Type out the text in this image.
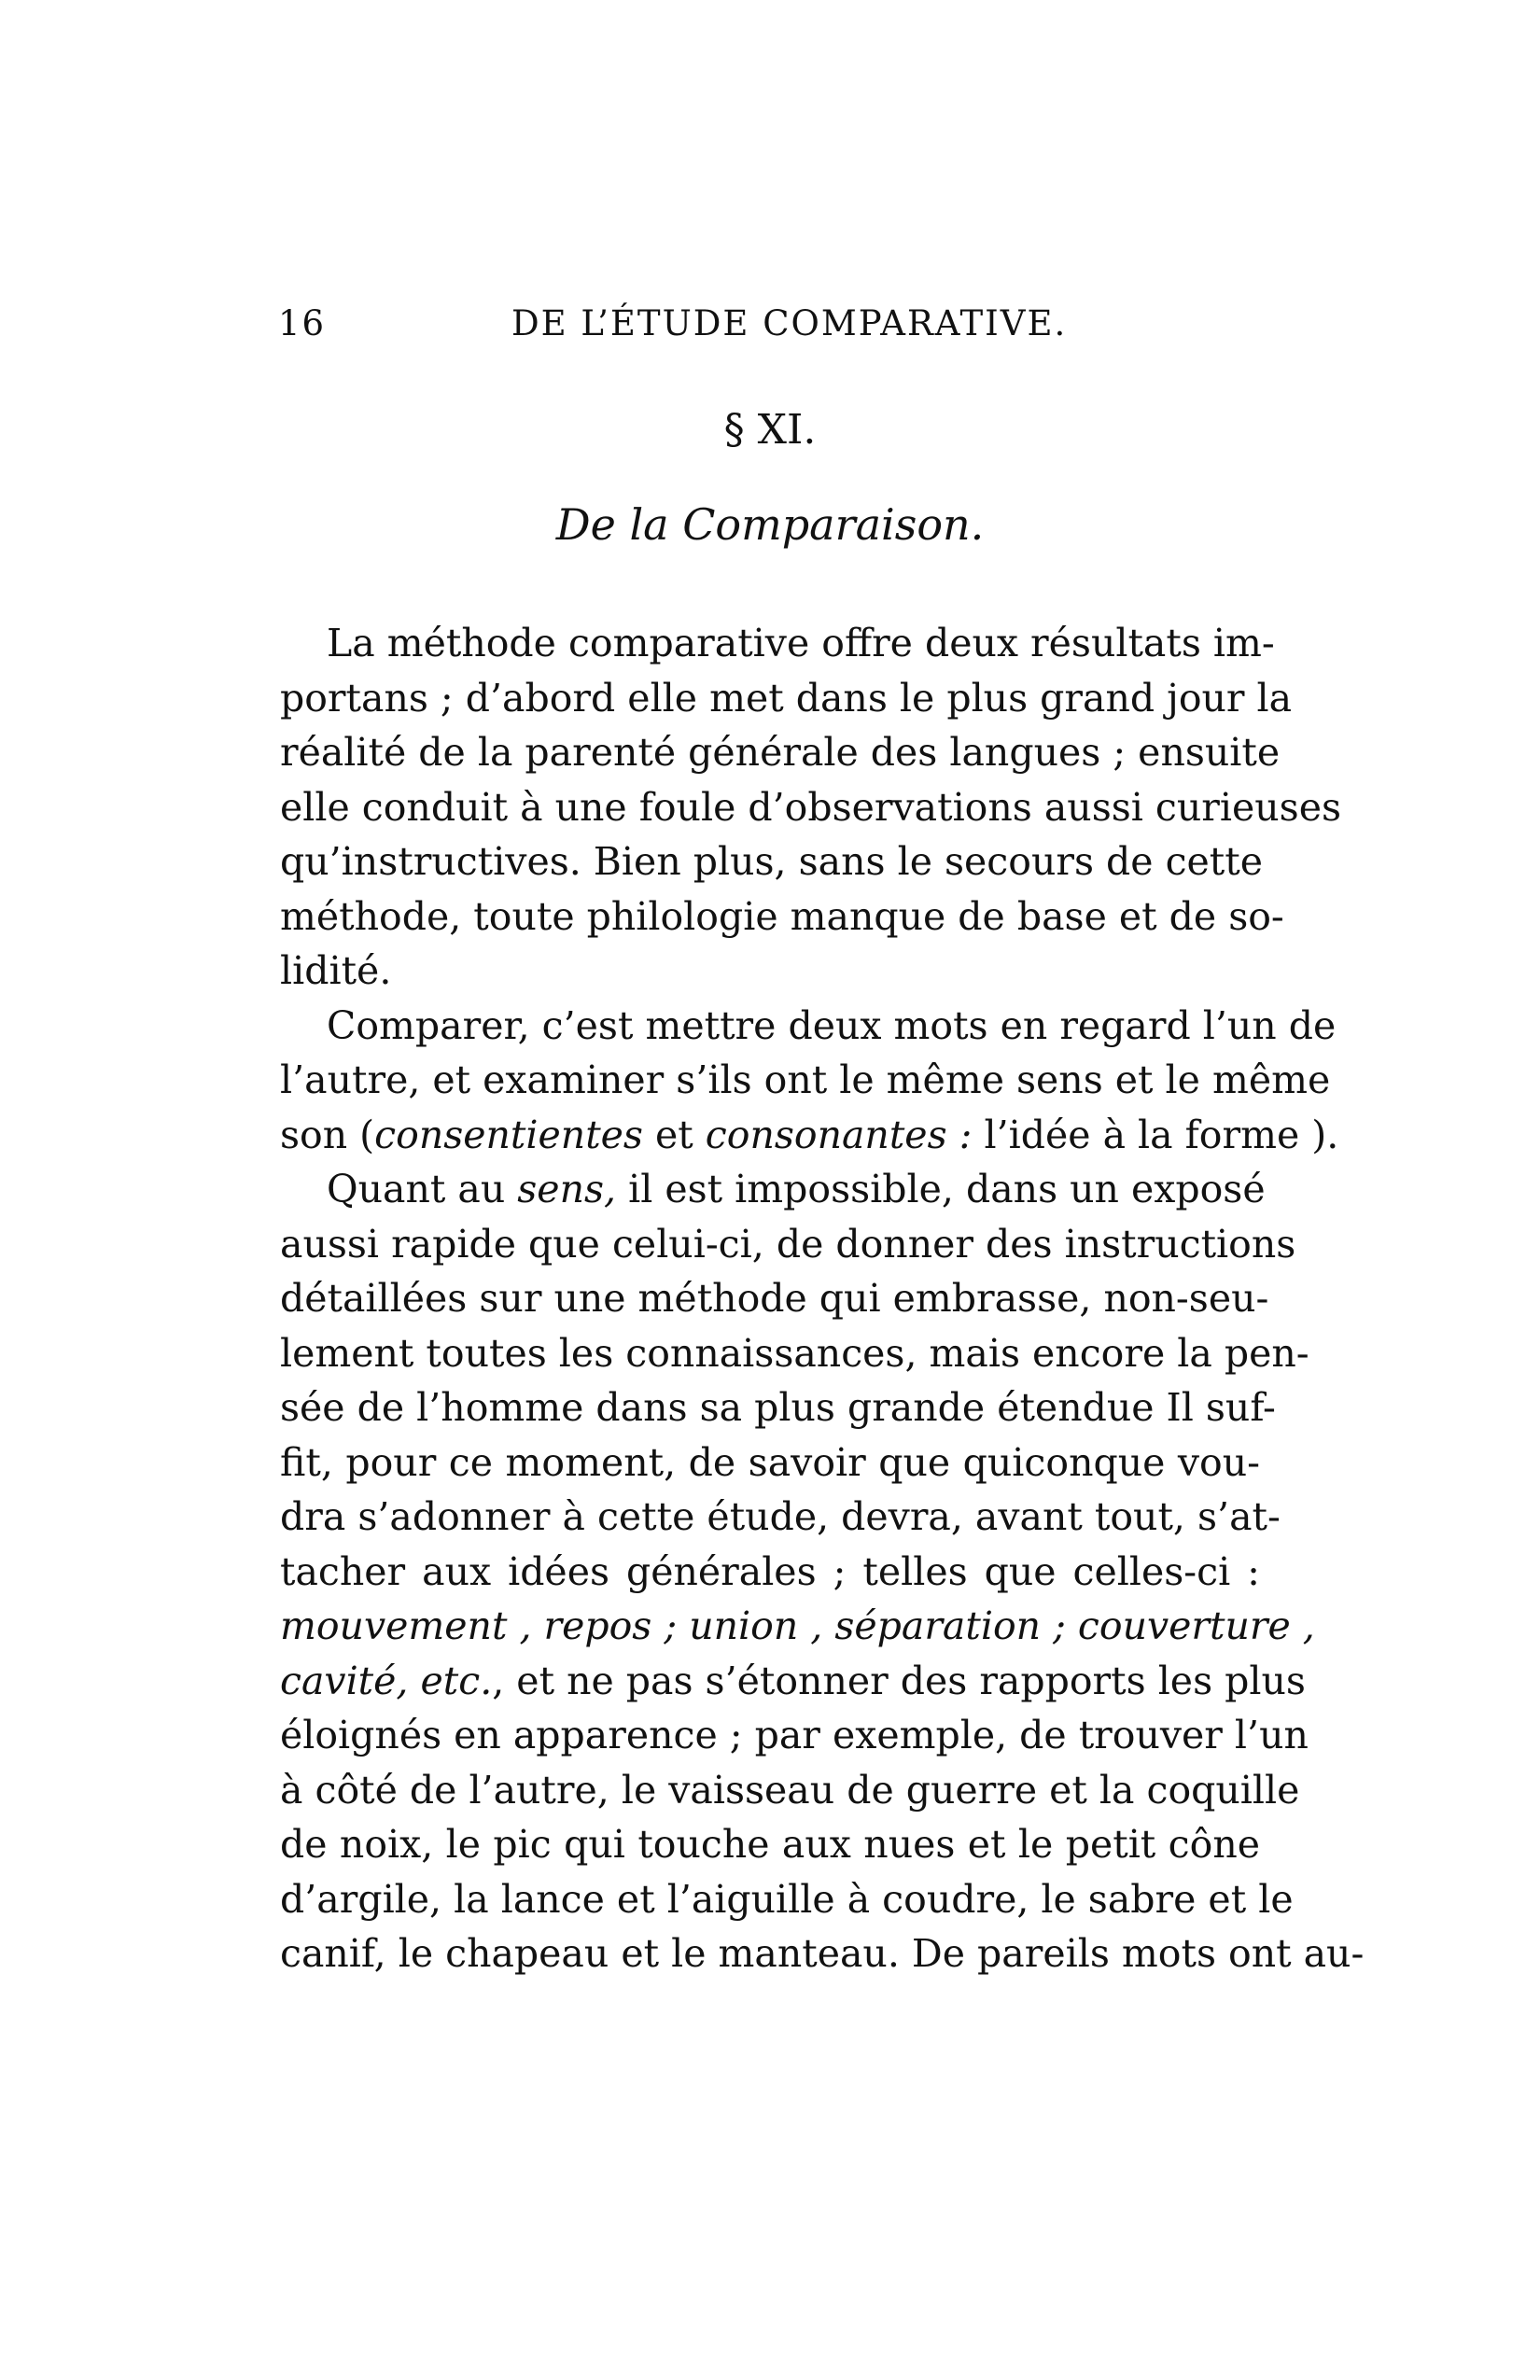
16	DE L’ÉTUDE COMPARATIVE.
§ XI.
De la Comparaison.
La méthode comparative offre deux résultats im-
portans ; d’abord elle met dans le plus grand jour la
réalité de la parenté générale des langues ; ensuite
elle conduit à une foule d’observations aussi curieuses
qu’instructives. Bien plus, sans le secours de cette
méthode, toute philologie manque de base et de so-
lidité.
Comparer, c’est mettre deux mots en regard l’un de
l’autre, et examiner s’ils ont le même sens et le même
son (consentientes et consonantes : l’idée à la forme ).
Quant au sens, il est impossible, dans un exposé
aussi rapide que celui-ci, de donner des instructions
détaillées sur une méthode qui embrasse, non-seu-
lement toutes les connaissances, mais encore la pen-
sée de l’homme dans sa plus grande étendue Il suf-
fit, pour ce moment, de savoir que quiconque vou-
dra s’adonner à cette étude, devra, avant tout, s’at-
tacher aux idées générales ; telles que celles-ci :
mouvement , repos ; union , séparation ; couverture ,
cavité, etc., et ne pas s’étonner des rapports les plus
éloignés en apparence ; par exemple, de trouver l’un
à côté de l’autre, le vaisseau de guerre et la coquille
de noix, le pic qui touche aux nues et le petit cône
d’argile, la lance et l’aiguille à coudre, le sabre et le
canif, le chapeau et le manteau. De pareils mots ont au-
